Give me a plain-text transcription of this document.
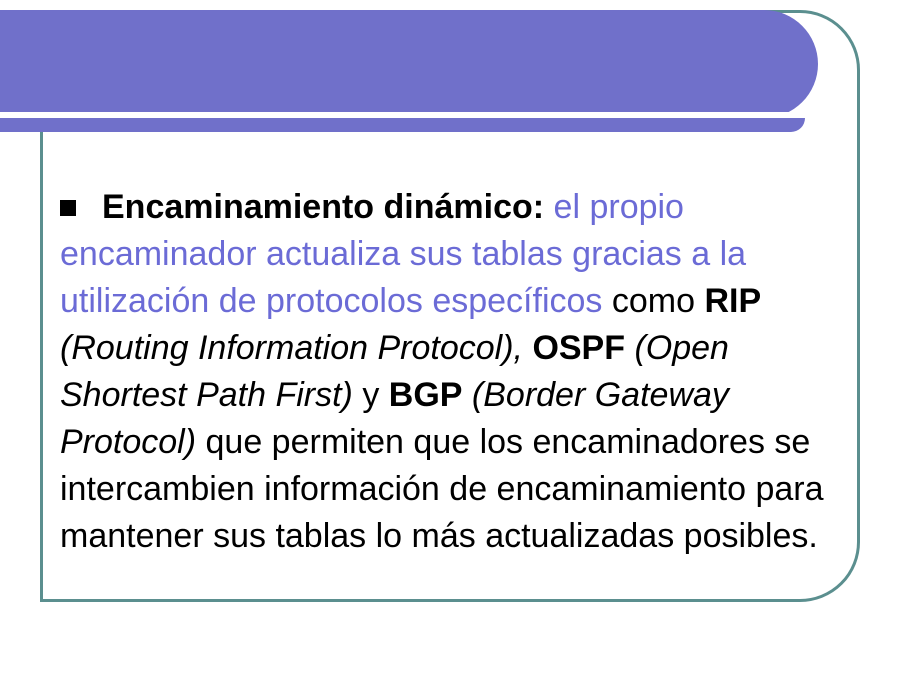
Encaminamiento dinámico: el propio encaminador actualiza sus tablas gracias a la utilización de protocolos específicos como RIP (Routing Information Protocol), OSPF (Open Shortest Path First) y BGP (Border Gateway Protocol) que permiten que los encaminadores se intercambien información de encaminamiento para mantener sus tablas lo más actualizadas posibles.
